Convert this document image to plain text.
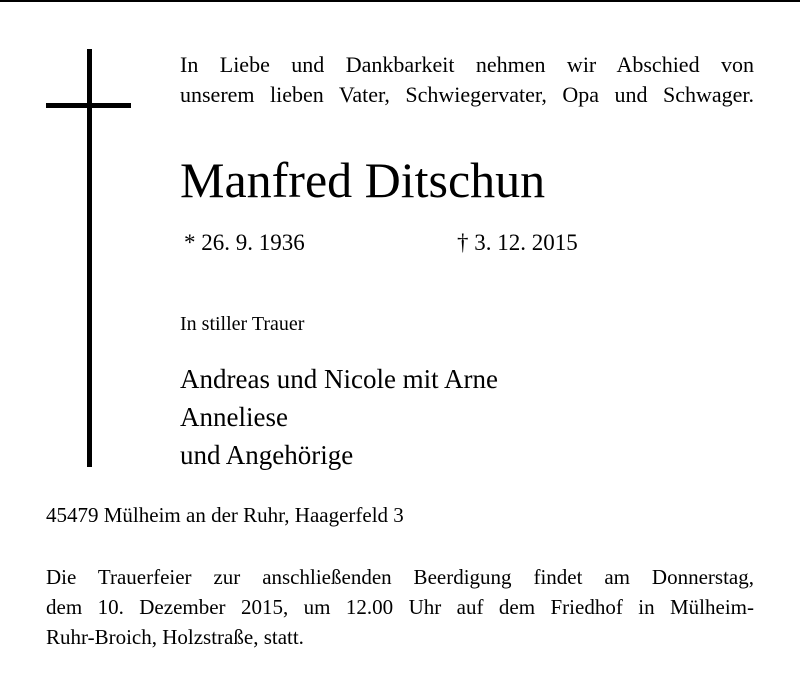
In Liebe und Dankbarkeit nehmen wir Abschied von
unserem lieben Vater, Schwiegervater, Opa und Schwager.
Manfred Ditschun
* 26. 9. 1936	† 3. 12. 2015
In stiller Trauer
Andreas und Nicole mit Arne
Anneliese
und Angehörige
45479 Mülheim an der Ruhr, Haagerfeld 3
Die Trauerfeier zur anschließenden Beerdigung findet am Donnerstag,
dem 10. Dezember 2015, um 12.00 Uhr auf dem Friedhof in Mülheim-
Ruhr-Broich, Holzstraße, statt.
